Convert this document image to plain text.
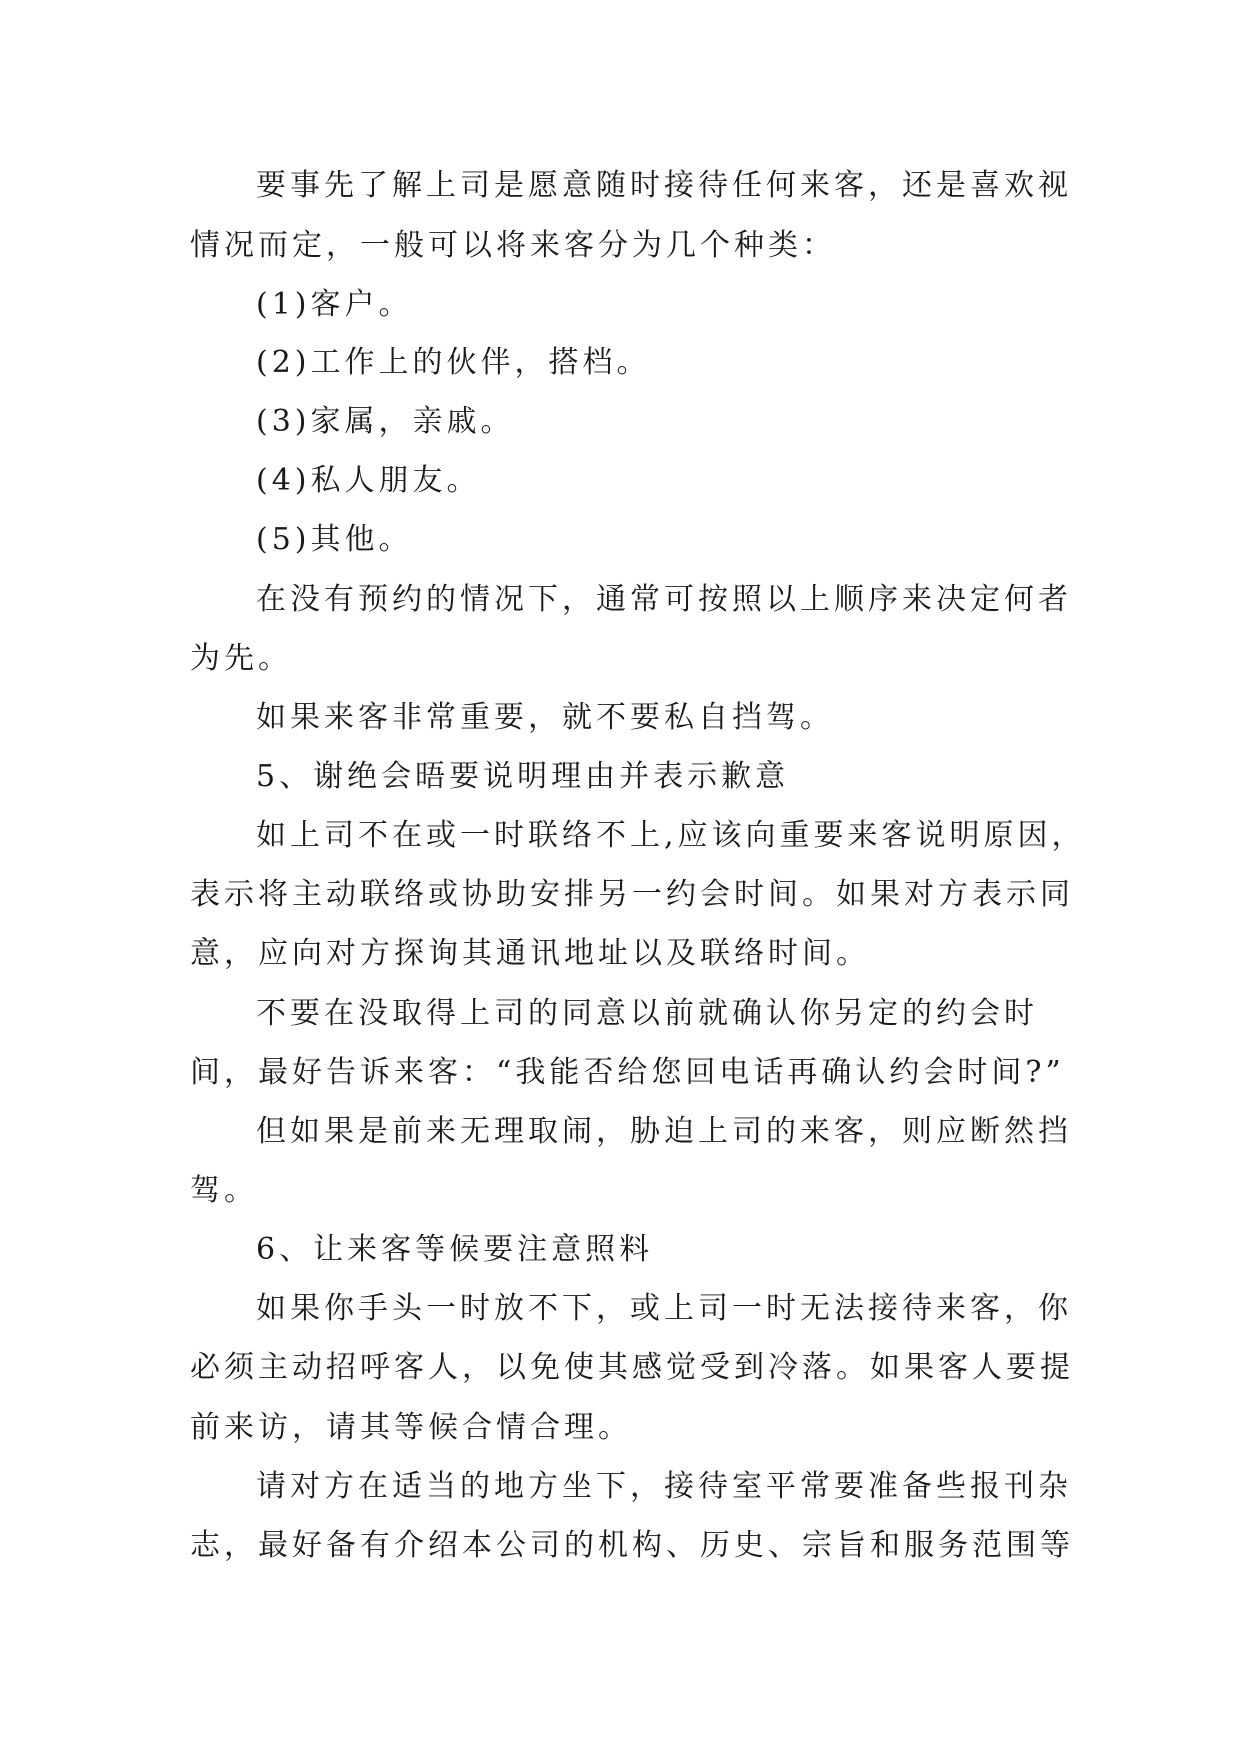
要事先了解上司是愿意随时接待任何来客，还是喜欢视
情况而定，一般可以将来客分为几个种类：
(1)客户。
(2)工作上的伙伴，搭档。
(3)家属，亲戚。
(4)私人朋友。
(5)其他。
在没有预约的情况下，通常可按照以上顺序来决定何者
为先。
如果来客非常重要，就不要私自挡驾。
5、谢绝会晤要说明理由并表示歉意
如上司不在或一时联络不上,应该向重要来客说明原因，
表示将主动联络或协助安排另一约会时间。如果对方表示同
意，应向对方探询其通讯地址以及联络时间。
不要在没取得上司的同意以前就确认你另定的约会时
间，最好告诉来客：“我能否给您回电话再确认约会时间?”
但如果是前来无理取闹，胁迫上司的来客，则应断然挡
驾。
6、让来客等候要注意照料
如果你手头一时放不下，或上司一时无法接待来客，你
必须主动招呼客人，以免使其感觉受到冷落。如果客人要提
前来访，请其等候合情合理。
请对方在适当的地方坐下，接待室平常要准备些报刊杂
志，最好备有介绍本公司的机构、历史、宗旨和服务范围等
